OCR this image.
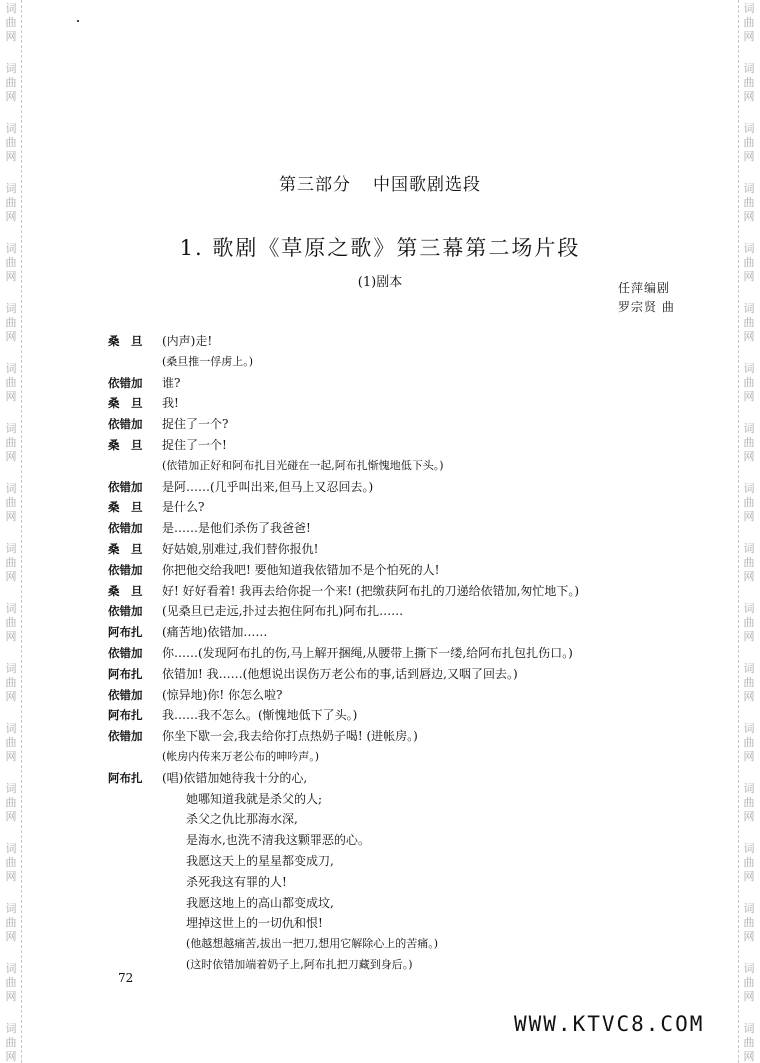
词
曲
网
词
曲
网
词
曲
网
词
曲
网
词
曲
网
词
曲
网
词
曲
网
词
曲
网
词
曲
网
词
曲
网
词
曲
网
词
曲
网
词
曲
网
词
曲
网
词
曲
网
词
曲
网
词
曲
网
词
曲
网
词
曲
网
词
曲
网
词
曲
网
词
曲
网
词
曲
网
词
曲
网
词
曲
网
词
曲
网
词
曲
网
词
曲
网
词
曲
网
词
曲
网
词
曲
网
词
曲
网
词
曲
网
词
曲
网
词
曲
网
词
曲
网
第三部分 中国歌剧选段
1. 歌剧《草原之歌》第三幕第二场片段
(1)剧本	任萍编剧
罗宗贤 曲
桑　旦	(内声)走!
(桑旦推一俘虏上。)
依错加	谁?
桑　旦	我!
依错加	捉住了一个?
桑　旦	捉住了一个!
(依错加正好和阿布扎目光碰在一起,阿布扎惭愧地低下头。)
依错加	是阿……(几乎叫出来,但马上又忍回去。)
桑　旦	是什么?
依错加	是……是他们杀伤了我爸爸!
桑　旦	好姑娘,别难过,我们替你报仇!
依错加	你把他交给我吧! 要他知道我依错加不是个怕死的人!
桑　旦	好! 好好看着! 我再去给你捉一个来! (把缴获阿布扎的刀递给依错加,匆忙地下。)
依错加	(见桑旦已走远,扑过去抱住阿布扎)阿布扎……
阿布扎	(痛苦地)依错加……
依错加	你……(发现阿布扎的伤,马上解开捆绳,从腰带上撕下一缕,给阿布扎包扎伤口。)
阿布扎	依错加! 我……(他想说出误伤万老公布的事,话到唇边,又咽了回去。)
依错加	(惊异地)你! 你怎么啦?
阿布扎	我……我不怎么。(惭愧地低下了头。)
依错加	你坐下歇一会,我去给你打点热奶子喝! (进帐房。)
(帐房内传来万老公布的呻吟声。)
阿布扎	(唱)依错加她待我十分的心,
她哪知道我就是杀父的人;
杀父之仇比那海水深,
是海水,也洗不清我这颗罪恶的心。
我愿这天上的星星都变成刀,
杀死我这有罪的人!
我愿这地上的高山都变成坟,
埋掉这世上的一切仇和恨!
(他越想越痛苦,拔出一把刀,想用它解除心上的苦痛。)
(这时依错加端着奶子上,阿布扎把刀藏到身后。)
72
WWW.KTVC8.COM
